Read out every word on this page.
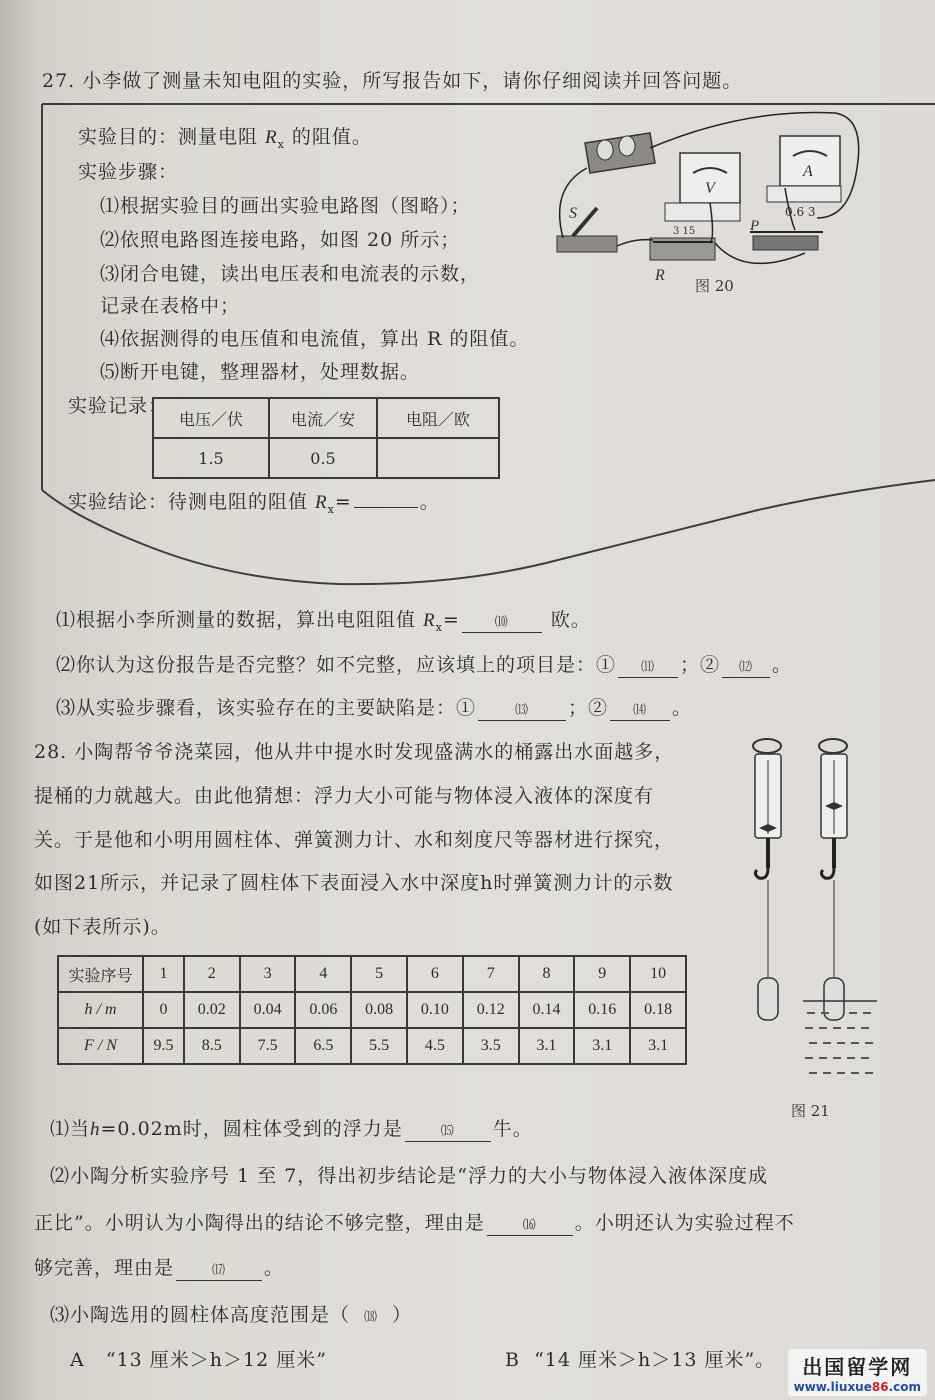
27. 小李做了测量未知电阻的实验，所写报告如下，请你仔细阅读并回答问题。
实验目的：测量电阻 $R_x$ 的阻值。
实验步骤：
⑴根据实验目的画出实验电路图（图略）；
⑵依照电路图连接电路，如图 20 所示；
⑶闭合电键，读出电压表和电流表的示数，
记录在表格中；
⑷依据测得的电压值和电流值，算出 R 的阻值。
⑸断开电键，整理器材，处理数据。
实验记录：
电压／伏	电流／安	电阻／欧
1.5	0.5	
实验结论：待测电阻的阻值 $R_x=$	。
V
3 15
A
0.6 3
S
R
P
图 20
⑴根据小李所测量的数据，算出电阻阻值 $R_x=$	⑽ 欧。
⑵你认为这份报告是否完整？如不完整，应该填上的项目是：① ⑾ ；② ⑿ 。
⑶从实验步骤看，该实验存在的主要缺陷是：①	⒀ ；② ⒁ 。
28. 小陶帮爷爷浇菜园，他从井中提水时发现盛满水的桶露出水面越多，
提桶的力就越大。由此他猜想：浮力大小可能与物体浸入液体的深度有
关。于是他和小明用圆柱体、弹簧测力计、水和刻度尺等器材进行探究，
如图21所示，并记录了圆柱体下表面浸入水中深度h时弹簧测力计的示数
(如下表所示)。
实验序号	1	2	3	4	5	6	7	8	9	10
h / m	0	0.02	0.04	0.06	0.08	0.10	0.12	0.14	0.16	0.18
F / N	9.5	8.5	7.5	6.5	5.5	4.5	3.5	3.1	3.1	3.1
图 21
⑴当h=0.02m时，圆柱体受到的浮力是	⒂ 牛。
⑵小陶分析实验序号 1 至 7，得出初步结论是“浮力的大小与物体浸入液体深度成
正比”。小明认为小陶得出的结论不够完整，理由是	⒃ 。小明还认为实验过程不
够完善，理由是	⒄ 。
⑶小陶选用的圆柱体高度范围是（ ⒅ ）
A “13 厘米＞h＞12 厘米”	B “14 厘米＞h＞13 厘米”。	出国留学网
www.liuxue86.com
